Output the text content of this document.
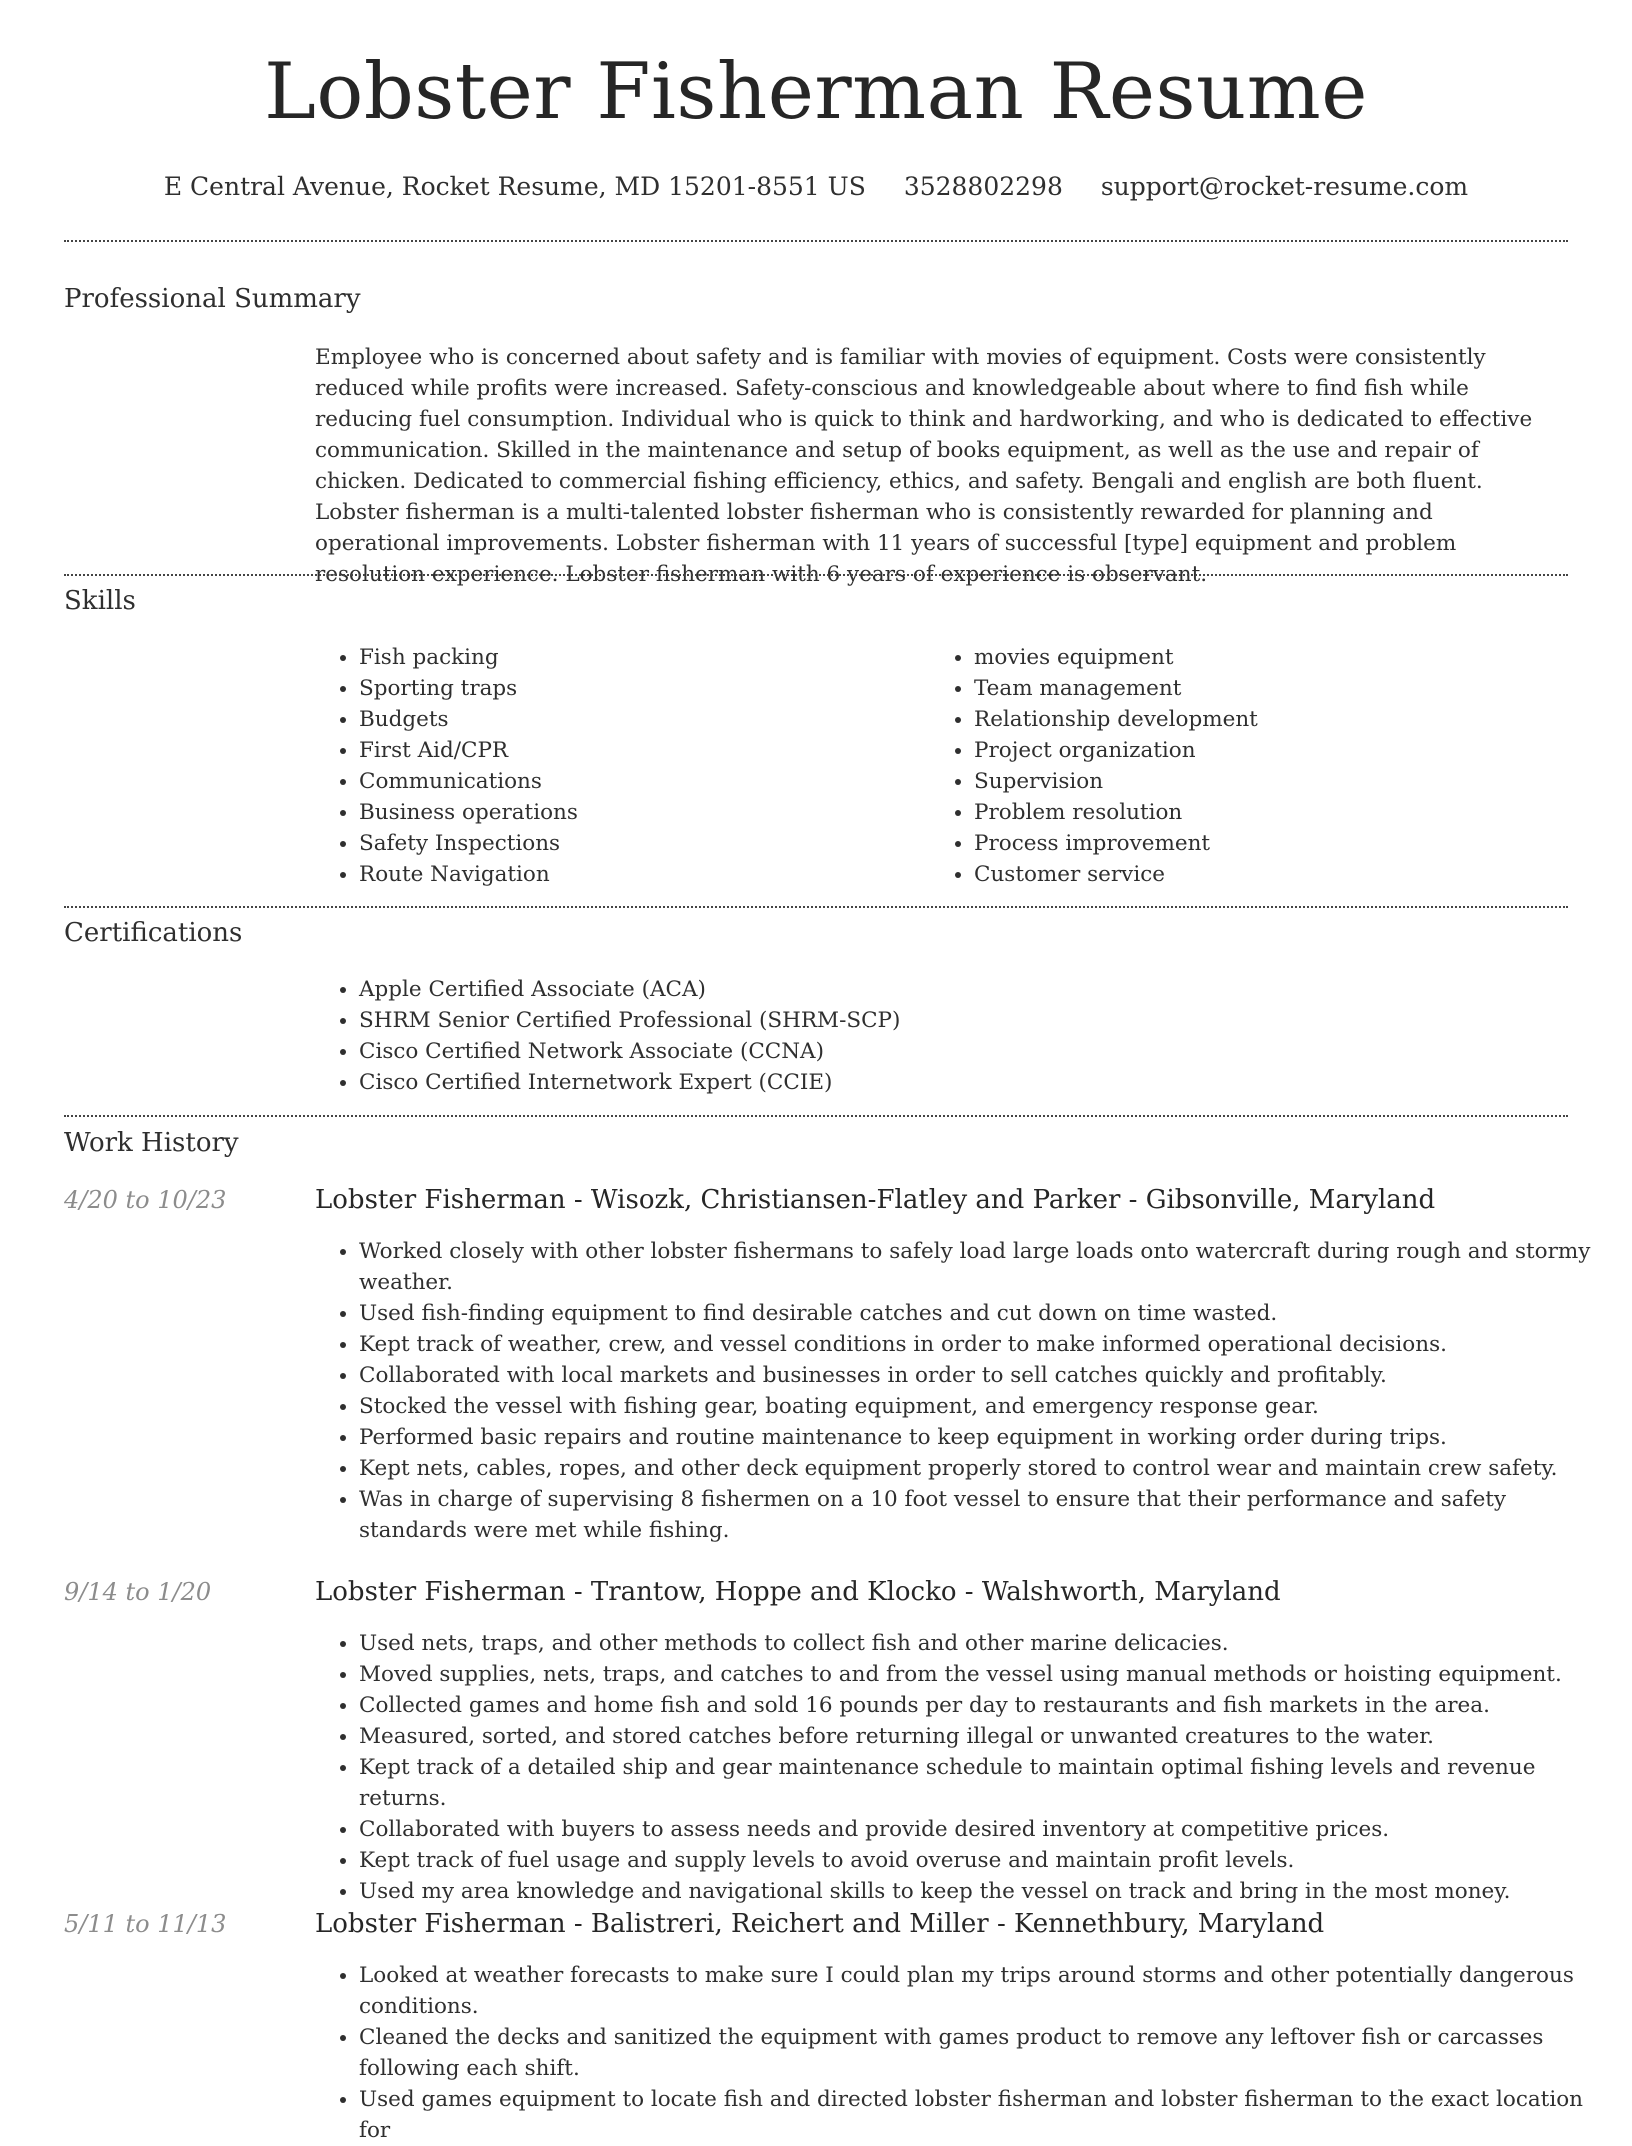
Lobster Fisherman Resume
E Central Avenue, Rocket Resume, MD 15201-8551 US 3528802298 support@rocket-resume.com
Professional Summary

Employee who is concerned about safety and is familiar with movies of equipment. Costs were consistently reduced while profits were increased. Safety-conscious and knowledgeable about where to find fish while reducing fuel consumption. Individual who is quick to think and hardworking, and who is dedicated to effective communication. Skilled in the maintenance and setup of books equipment, as well as the use and repair of chicken. Dedicated to commercial fishing efficiency, ethics, and safety. Bengali and english are both fluent. Lobster fisherman is a multi-talented lobster fisherman who is consistently rewarded for planning and operational improvements. Lobster fisherman with 11 years of successful [type] equipment and problem resolution experience. Lobster fisherman with 6 years of experience is observant.

Skills
• Fish packing
• Sporting traps
• Budgets
• First Aid/CPR
• Communications
• Business operations
• Safety Inspections
• Route Navigation
• movies equipment
• Team management
• Relationship development
• Project organization
• Supervision
• Problem resolution
• Process improvement
• Customer service
Certifications
• Apple Certified Associate (ACA)
• SHRM Senior Certified Professional (SHRM-SCP)
• Cisco Certified Network Associate (CCNA)
• Cisco Certified Internetwork Expert (CCIE)
Work History
4/20 to 10/23	Lobster Fisherman - Wisozk, Christiansen-Flatley and Parker - Gibsonville, Maryland
• Worked closely with other lobster fishermans to safely load large loads onto watercraft during rough and stormy weather.
• Used fish-finding equipment to find desirable catches and cut down on time wasted.
• Kept track of weather, crew, and vessel conditions in order to make informed operational decisions.
• Collaborated with local markets and businesses in order to sell catches quickly and profitably.
• Stocked the vessel with fishing gear, boating equipment, and emergency response gear.
• Performed basic repairs and routine maintenance to keep equipment in working order during trips.
• Kept nets, cables, ropes, and other deck equipment properly stored to control wear and maintain crew safety.
• Was in charge of supervising 8 fishermen on a 10 foot vessel to ensure that their performance and safety standards were met while fishing.
9/14 to 1/20	Lobster Fisherman - Trantow, Hoppe and Klocko - Walshworth, Maryland
• Used nets, traps, and other methods to collect fish and other marine delicacies.
• Moved supplies, nets, traps, and catches to and from the vessel using manual methods or hoisting equipment.
• Collected games and home fish and sold 16 pounds per day to restaurants and fish markets in the area.
• Measured, sorted, and stored catches before returning illegal or unwanted creatures to the water.
• Kept track of a detailed ship and gear maintenance schedule to maintain optimal fishing levels and revenue returns.
• Collaborated with buyers to assess needs and provide desired inventory at competitive prices.
• Kept track of fuel usage and supply levels to avoid overuse and maintain profit levels.
• Used my area knowledge and navigational skills to keep the vessel on track and bring in the most money.
5/11 to 11/13	Lobster Fisherman - Balistreri, Reichert and Miller - Kennethbury, Maryland
• Looked at weather forecasts to make sure I could plan my trips around storms and other potentially dangerous conditions.
• Cleaned the decks and sanitized the equipment with games product to remove any leftover fish or carcasses following each shift.
• Used games equipment to locate fish and directed lobster fisherman and lobster fisherman to the exact location for
